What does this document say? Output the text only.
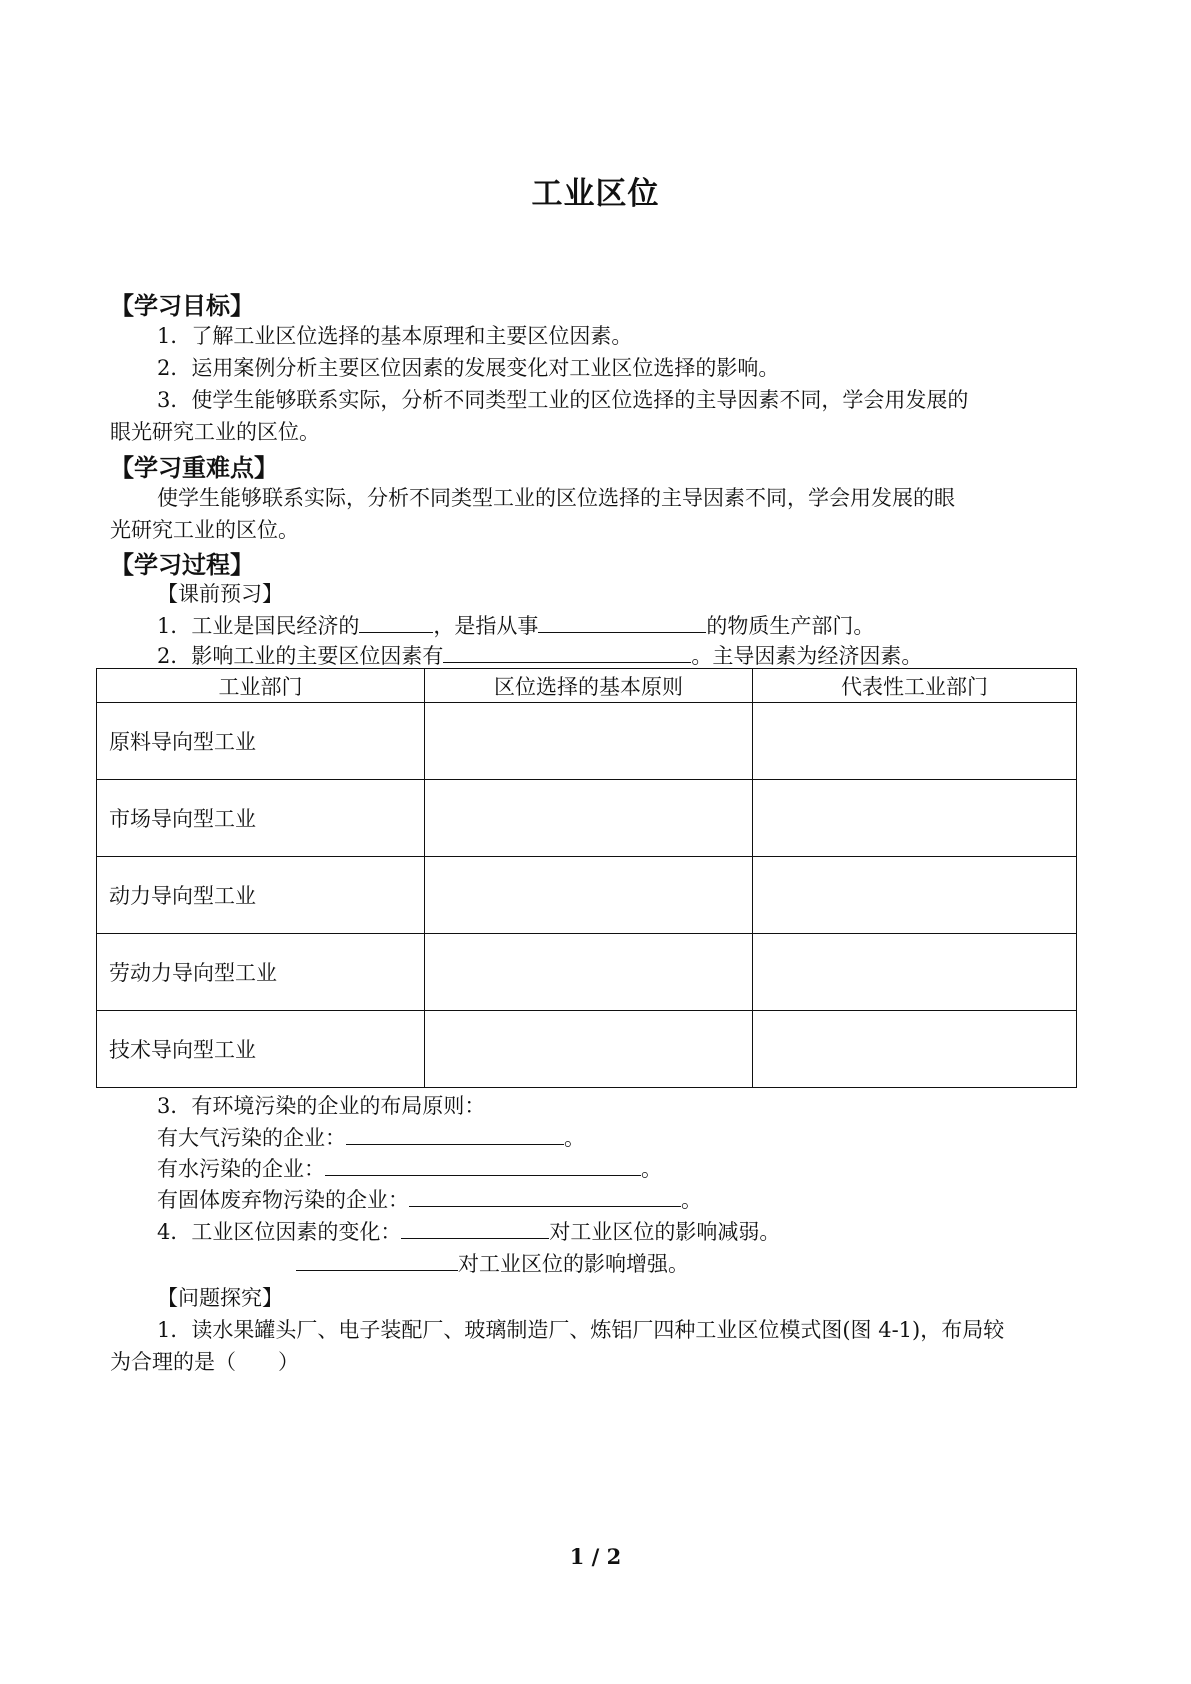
工业区位
【学习目标】
1．了解工业区位选择的基本原理和主要区位因素。
2．运用案例分析主要区位因素的发展变化对工业区位选择的影响。
3．使学生能够联系实际，分析不同类型工业的区位选择的主导因素不同，学会用发展的
眼光研究工业的区位。
【学习重难点】
使学生能够联系实际，分析不同类型工业的区位选择的主导因素不同，学会用发展的眼
光研究工业的区位。
【学习过程】
【课前预习】
1．工业是国民经济的	，是指从事	的物质生产部门。
2．影响工业的主要区位因素有	。主导因素为经济因素。
工业部门	区位选择的基本原则	代表性工业部门
原料导向型工业		
市场导向型工业		
动力导向型工业		
劳动力导向型工业		
技术导向型工业		
3．有环境污染的企业的布局原则：
有大气污染的企业：	。
有水污染的企业：	。
有固体废弃物污染的企业：	。
4．工业区位因素的变化：	对工业区位的影响减弱。
对工业区位的影响增强。
【问题探究】
1．读水果罐头厂、电子装配厂、玻璃制造厂、炼铝厂四种工业区位模式图(图 4-1)，布局较
为合理的是（　　）
1 / 2
